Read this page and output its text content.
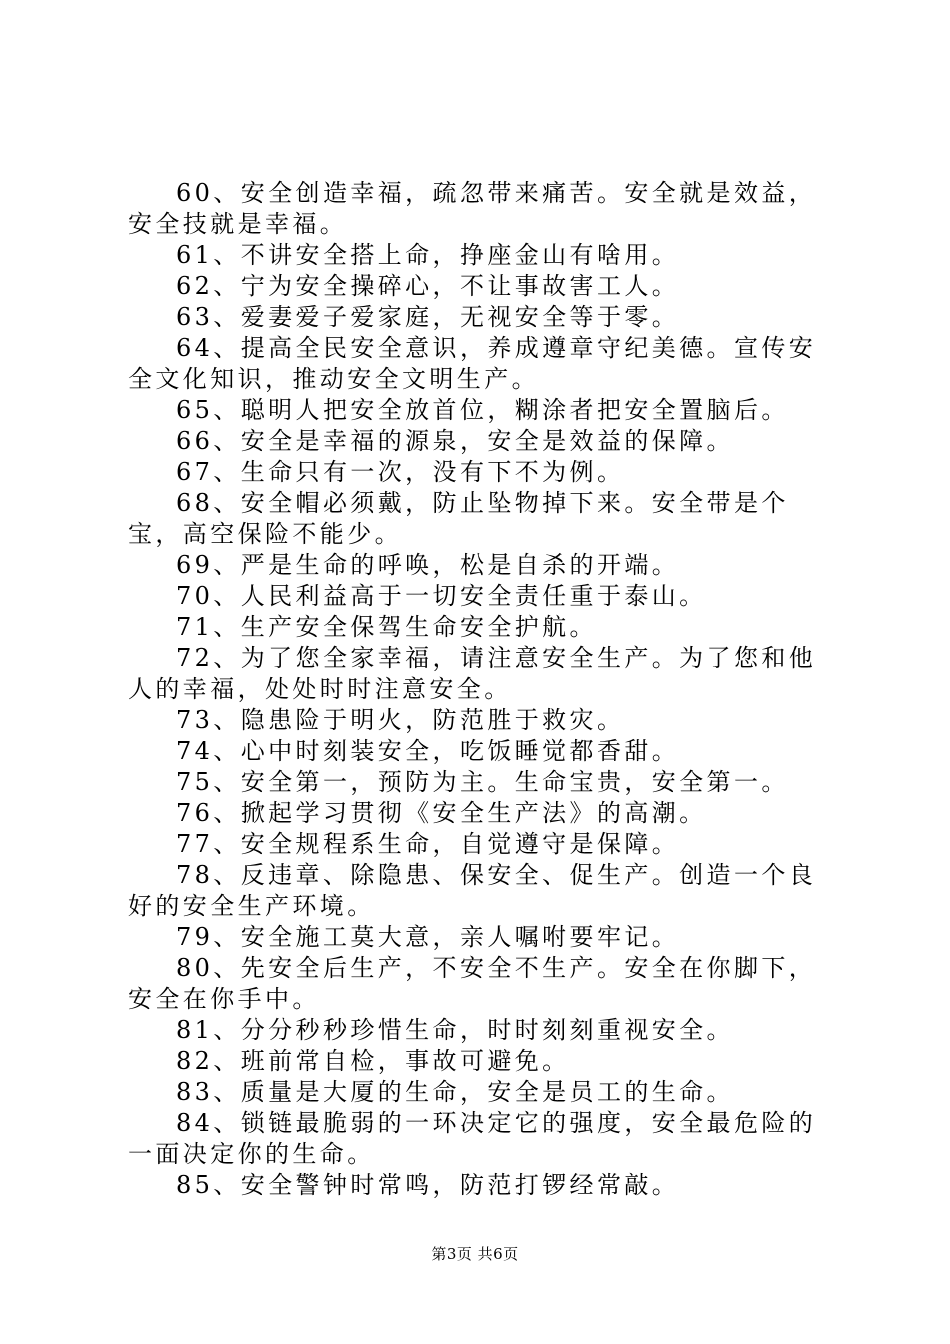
60、安全创造幸福，疏忽带来痛苦。安全就是效益，安全技就是幸福。

61、不讲安全搭上命，挣座金山有啥用。

62、宁为安全操碎心，不让事故害工人。

63、爱妻爱子爱家庭，无视安全等于零。

64、提高全民安全意识，养成遵章守纪美德。宣传安全文化知识，推动安全文明生产。

65、聪明人把安全放首位，糊涂者把安全置脑后。

66、安全是幸福的源泉，安全是效益的保障。

67、生命只有一次，没有下不为例。

68、安全帽必须戴，防止坠物掉下来。安全带是个宝，高空保险不能少。

69、严是生命的呼唤，松是自杀的开端。

70、人民利益高于一切安全责任重于泰山。

71、生产安全保驾生命安全护航。

72、为了您全家幸福，请注意安全生产。为了您和他人的幸福，处处时时注意安全。

73、隐患险于明火，防范胜于救灾。

74、心中时刻装安全，吃饭睡觉都香甜。

75、安全第一，预防为主。生命宝贵，安全第一。

76、掀起学习贯彻《安全生产法》的高潮。

77、安全规程系生命，自觉遵守是保障。

78、反违章、除隐患、保安全、促生产。创造一个良好的安全生产环境。

79、安全施工莫大意，亲人嘱咐要牢记。

80、先安全后生产，不安全不生产。安全在你脚下，安全在你手中。

81、分分秒秒珍惜生命，时时刻刻重视安全。

82、班前常自检，事故可避免。

83、质量是大厦的生命，安全是员工的生命。

84、锁链最脆弱的一环决定它的强度，安全最危险的一面决定你的生命。

85、安全警钟时常鸣，防范打锣经常敲。

第3页 共6页
